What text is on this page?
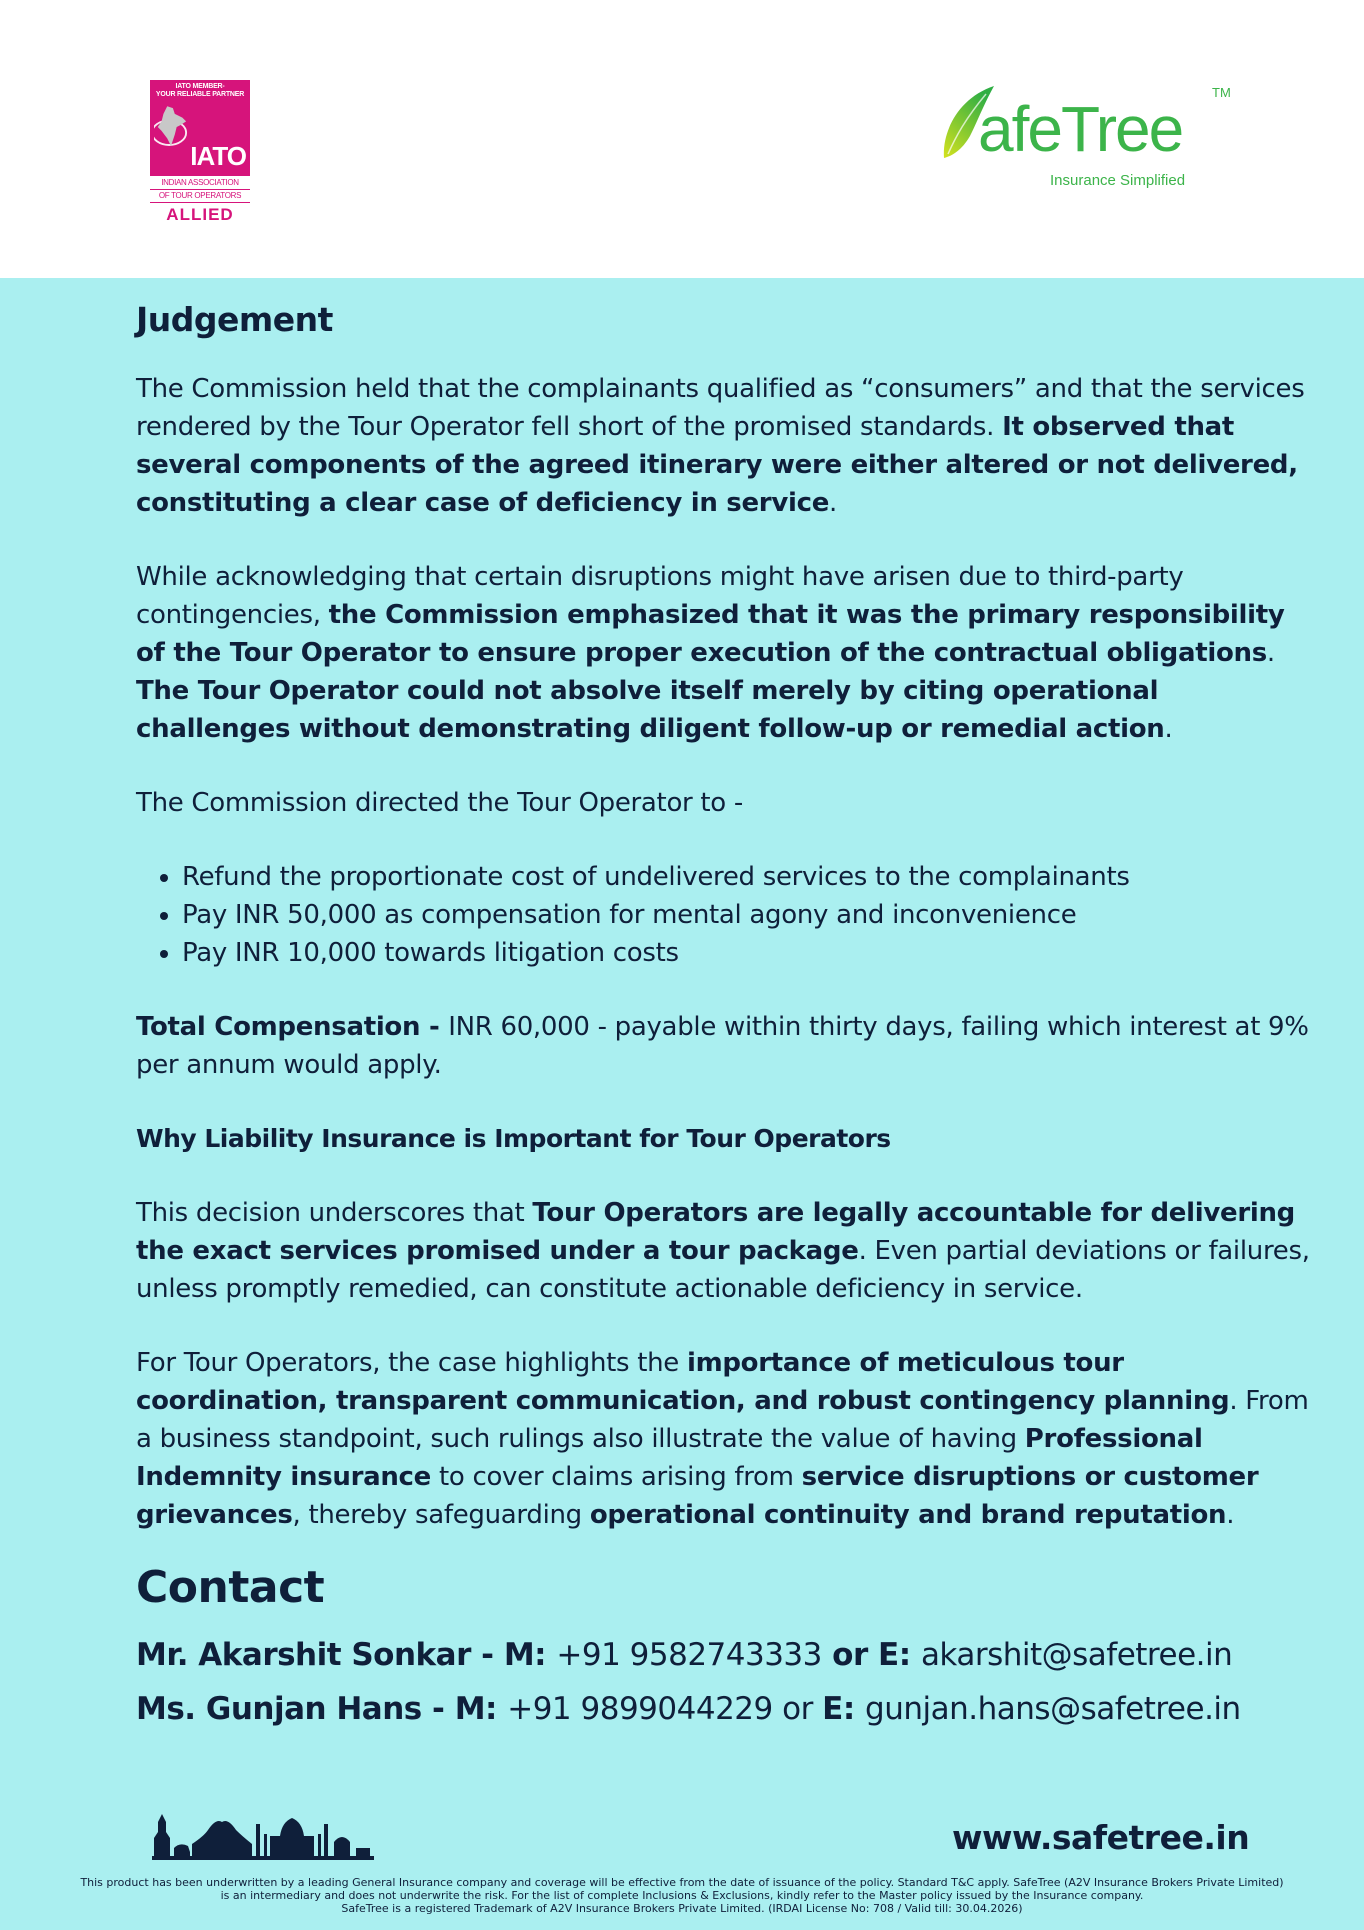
IATO MEMBER-
YOUR RELIABLE PARTNER
IATO
INDIAN ASSOCIATION
OF TOUR OPERATORS
ALLIED
afeTree
TM
Insurance Simplified
Judgement

The Commission held that the complainants qualified as “consumers” and that the services rendered by the Tour Operator fell short of the promised standards. It observed that several components of the agreed itinerary were either altered or not delivered, constituting a clear case of deficiency in service.

While acknowledging that certain disruptions might have arisen due to third-party contingencies, the Commission emphasized that it was the primary responsibility of the Tour Operator to ensure proper execution of the contractual obligations. The Tour Operator could not absolve itself merely by citing operational challenges without demonstrating diligent follow-up or remedial action.

The Commission directed the Tour Operator to -

• Refund the proportionate cost of undelivered services to the complainants
• Pay INR 50,000 as compensation for mental agony and inconvenience
• Pay INR 10,000 towards litigation costs

Total Compensation - INR 60,000 - payable within thirty days, failing which interest at 9% per annum would apply.

Why Liability Insurance is Important for Tour Operators

This decision underscores that Tour Operators are legally accountable for delivering the exact services promised under a tour package. Even partial deviations or failures, unless promptly remedied, can constitute actionable deficiency in service.

For Tour Operators, the case highlights the importance of meticulous tour coordination, transparent communication, and robust contingency planning. From a business standpoint, such rulings also illustrate the value of having Professional Indemnity insurance to cover claims arising from service disruptions or customer grievances, thereby safeguarding operational continuity and brand reputation.

Contact
Mr. Akarshit Sonkar - M: +91 9582743333 or E: akarshit@safetree.in
Ms. Gunjan Hans - M: +91 9899044229 or E: gunjan.hans@safetree.in
www.safetree.in
This product has been underwritten by a leading General Insurance company and coverage will be effective from the date of issuance of the policy. Standard T&C apply. SafeTree (A2V Insurance Brokers Private Limited) is an intermediary and does not underwrite the risk. For the list of complete Inclusions & Exclusions, kindly refer to the Master policy issued by the Insurance company.
SafeTree is a registered Trademark of A2V Insurance Brokers Private Limited. (IRDAI License No: 708 / Valid till: 30.04.2026)
